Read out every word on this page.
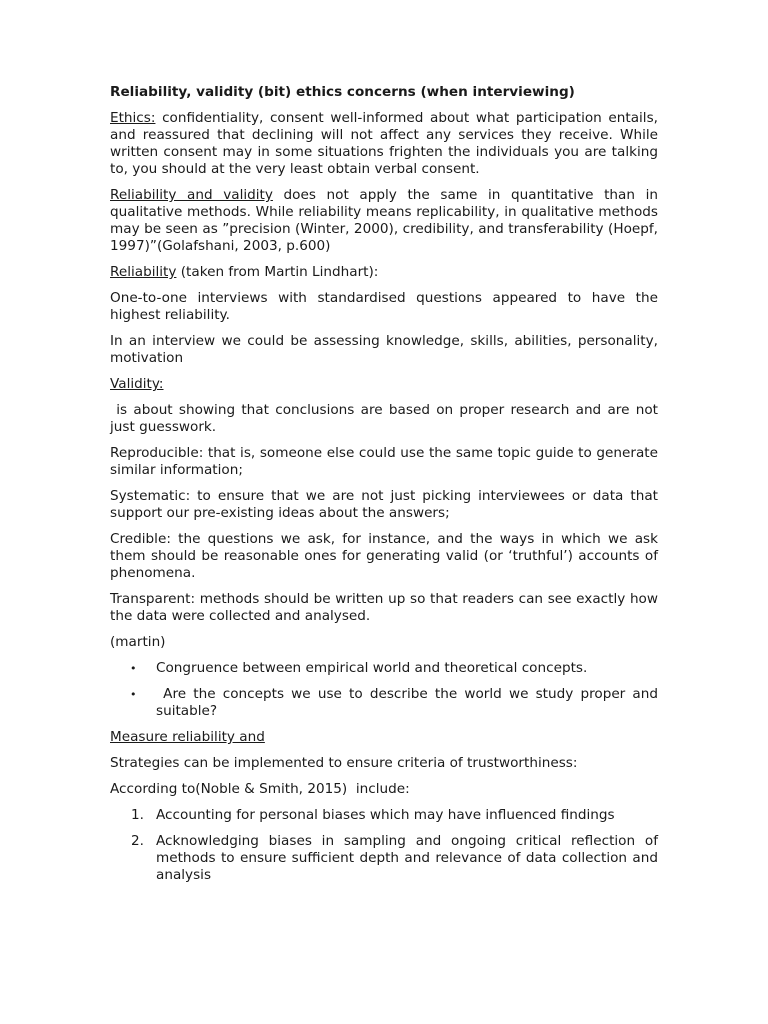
Reliability, validity (bit) ethics concerns (when interviewing)

Ethics: confidentiality, consent well-informed about what participation entails, and reassured that declining will not affect any services they receive. While written consent may in some situations frighten the individuals you are talking to, you should at the very least obtain verbal consent.

Reliability and validity does not apply the same in quantitative than in qualitative methods. While reliability means replicability, in qualitative methods may be seen as ”precision (Winter, 2000), credibility, and transferability (Hoepf, 1997)”(Golafshani, 2003, p.600)

Reliability (taken from Martin Lindhart):

One-to-one interviews with standardised questions appeared to have the highest reliability.

In an interview we could be assessing knowledge, skills, abilities, personality, motivation

Validity:

is about showing that conclusions are based on proper research and are not just guesswork.

Reproducible: that is, someone else could use the same topic guide to generate similar information;

Systematic: to ensure that we are not just picking interviewees or data that support our pre-existing ideas about the answers;

Credible: the questions we ask, for instance, and the ways in which we ask them should be reasonable ones for generating valid (or ‘truthful’) accounts of phenomena.

Transparent: methods should be written up so that readers can see exactly how the data were collected and analysed.

(martin)

• Congruence between empirical world and theoretical concepts.
• Are the concepts we use to describe the world we study proper and suitable?

Measure reliability and

Strategies can be implemented to ensure criteria of trustworthiness:

According to(Noble & Smith, 2015)  include:

1. Accounting for personal biases which may have influenced findings
2. Acknowledging biases in sampling and ongoing critical reflection of methods to ensure sufficient depth and relevance of data collection and analysis
